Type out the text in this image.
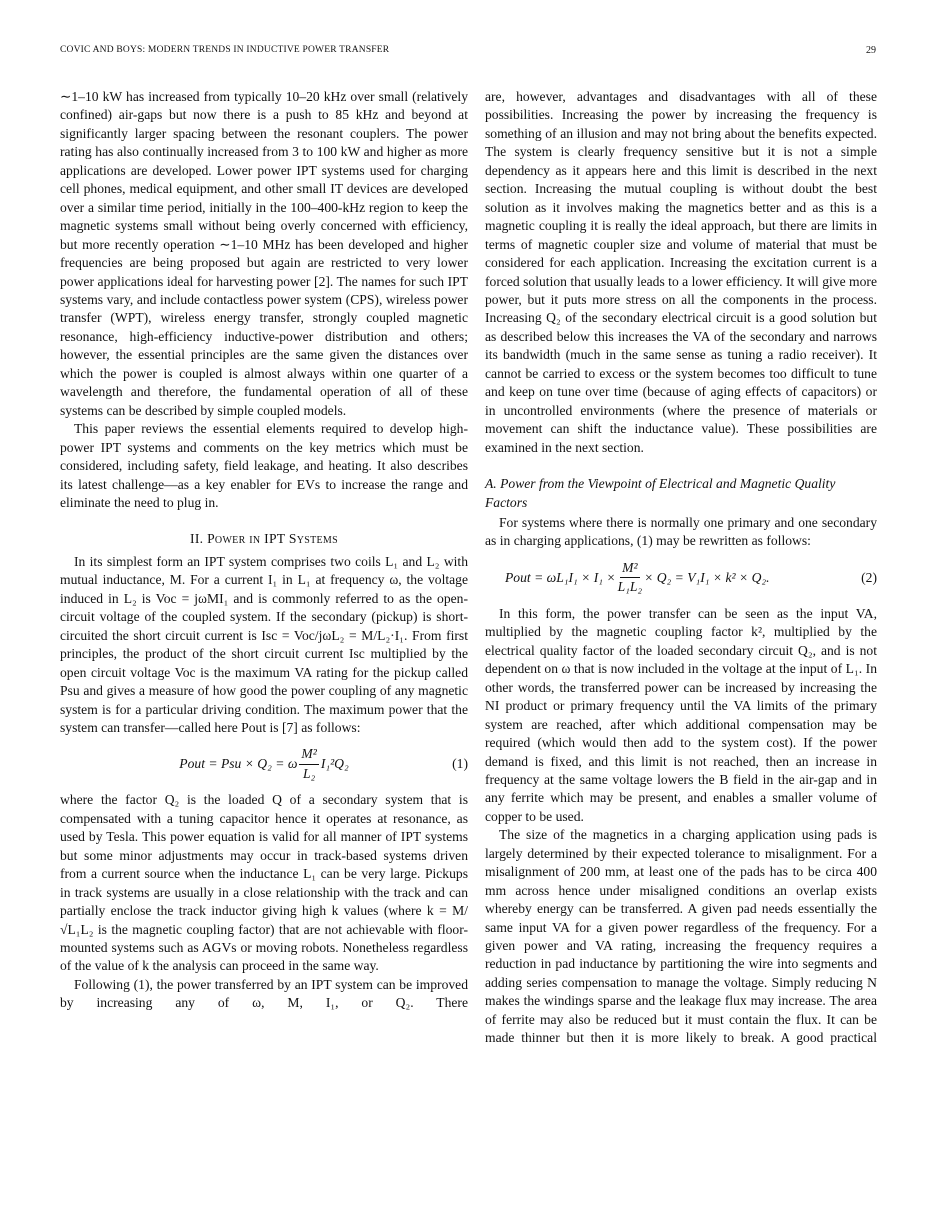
COVIC AND BOYS: MODERN TRENDS IN INDUCTIVE POWER TRANSFER	29

∼1–10 kW has increased from typically 10–20 kHz over small (relatively confined) air-gaps but now there is a push to 85 kHz and beyond at significantly larger spacing between the resonant couplers. The power rating has also continually increased from 3 to 100 kW and higher as more applications are developed. Lower power IPT systems used for charging cell phones, medical equipment, and other small IT devices are developed over a similar time period, initially in the 100–400-kHz region to keep the magnetic systems small without being overly concerned with efficiency, but more recently operation ∼1–10 MHz has been developed and higher frequencies are being proposed but again are restricted to very lower power applications ideal for harvesting power [2]. The names for such IPT systems vary, and include contactless power system (CPS), wireless power transfer (WPT), wireless energy transfer, strongly coupled magnetic resonance, high-efficiency inductive-power distribution and others; however, the essential principles are the same given the distances over which the power is coupled is almost always within one quarter of a wavelength and therefore, the fundamental operation of all of these systems can be described by simple coupled models.

This paper reviews the essential elements required to develop high-power IPT systems and comments on the key metrics which must be considered, including safety, field leakage, and heating. It also describes its latest challenge—as a key enabler for EVs to increase the range and eliminate the need to plug in.

II. Power in IPT Systems

In its simplest form an IPT system comprises two coils L₁ and L₂ with mutual inductance, M. For a current I₁ in L₁ at frequency ω, the voltage induced in L₂ is Voc = jωMI₁ and is commonly referred to as the open-circuit voltage of the coupled system. If the secondary (pickup) is short-circuited the short circuit current is Isc = Voc/jωL₂ = M/L₂·I₁. From first principles, the product of the short circuit current Isc multiplied by the open circuit voltage Voc is the maximum VA rating for the pickup called Psu and gives a measure of how good the power coupling of any magnetic system is for a particular driving condition. The maximum power that the system can transfer—called here Pout is [7] as follows:

Pout = Psu × Q₂ = ω $\frac{\text{M²}}{\text{L₂}} I_1^2Q_2$	(1)

where the factor Q₂ is the loaded Q of a secondary system that is compensated with a tuning capacitor hence it operates at resonance, as used by Tesla. This power equation is valid for all manner of IPT systems but some minor adjustments may occur in track-based systems driven from a current source when the inductance L₁ can be very large. Pickups in track systems are usually in a close relationship with the track and can partially enclose the track inductor giving high k values (where k = M/√L₁L₂ is the magnetic coupling factor) that are not achievable with floor-mounted systems such as AGVs or moving robots. Nonetheless regardless of the value of k the analysis can proceed in the same way.

Following (1), the power transferred by an IPT system can be improved by increasing any of ω, M, I₁, or Q₂. There

are, however, advantages and disadvantages with all of these possibilities. Increasing the power by increasing the frequency is something of an illusion and may not bring about the benefits expected. The system is clearly frequency sensitive but it is not a simple dependency as it appears here and this limit is described in the next section. Increasing the mutual coupling is without doubt the best solution as it involves making the magnetics better and as this is a magnetic coupling it is really the ideal approach, but there are limits in terms of magnetic coupler size and volume of material that must be considered for each application. Increasing the excitation current is a forced solution that usually leads to a lower efficiency. It will give more power, but it puts more stress on all the components in the process. Increasing Q₂ of the secondary electrical circuit is a good solution but as described below this increases the VA of the secondary and narrows its bandwidth (much in the same sense as tuning a radio receiver). It cannot be carried to excess or the system becomes too difficult to tune and keep on tune over time (because of aging effects of capacitors) or in uncontrolled environments (where the presence of materials or movement can shift the inductance value). These possibilities are examined in the next section.

A. Power from the Viewpoint of Electrical and Magnetic Quality Factors

For systems where there is normally one primary and one secondary as in charging applications, (1) may be rewritten as follows:

Pout = $\omega L_1I_1 \times I_1 \times \frac{\text{M²}}{\text{L₁L₂}} \times Q_2 = V_1I_1 \times k^2 \times Q_2$.	(2)

In this form, the power transfer can be seen as the input VA, multiplied by the magnetic coupling factor k², multiplied by the electrical quality factor of the loaded secondary circuit Q₂, and is not dependent on ω that is now included in the voltage at the input of L₁. In other words, the transferred power can be increased by increasing the NI product or primary frequency until the VA limits of the primary system are reached, after which additional compensation may be required (which would then add to the system cost). If the power demand is fixed, and this limit is not reached, then an increase in frequency at the same voltage lowers the B field in the air-gap and in any ferrite which may be present, and enables a smaller volume of copper to be used.

The size of the magnetics in a charging application using pads is largely determined by their expected tolerance to misalignment. For a misalignment of 200 mm, at least one of the pads has to be circa 400 mm across hence under misaligned conditions an overlap exists whereby energy can be transferred. A given pad needs essentially the same input VA for a given power regardless of the frequency. For a given power and VA rating, increasing the frequency requires a reduction in pad inductance by partitioning the wire into segments and adding series compensation to manage the voltage. Simply reducing N makes the windings sparse and the leakage flux may increase. The area of ferrite may also be reduced but it must contain the flux. It can be made thinner but then it is more likely to break. A good practical
